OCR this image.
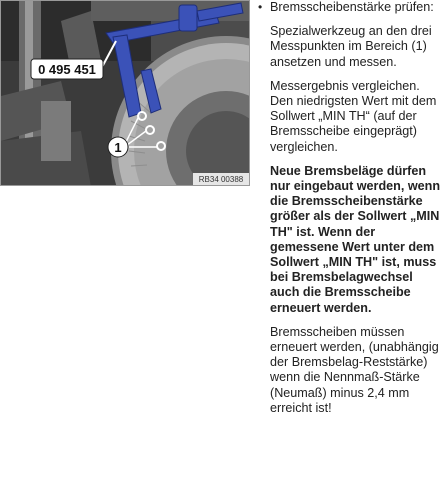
0 495 451
1
RB34 00388
• Bremsscheibenstärke prüfen:

Spezialwerkzeug an den drei Messpunkten im Bereich (1) ansetzen und messen.

Messergebnis vergleichen. Den niedrigsten Wert mit dem Sollwert „MIN TH“ (auf der Bremsscheibe eingeprägt) vergleichen.

Neue Bremsbeläge dürfen nur eingebaut werden, wenn die Bremsscheibenstärke größer als der Sollwert „MIN TH" ist. Wenn der gemessene Wert unter dem Sollwert „MIN TH" ist, muss bei Bremsbelagwechsel auch die Bremsscheibe erneuert werden.

Bremsscheiben müssen erneuert werden, (unabhängig der Bremsbelag-Reststärke) wenn die Nennmaß-Stärke (Neumaß) minus 2,4 mm erreicht ist!
